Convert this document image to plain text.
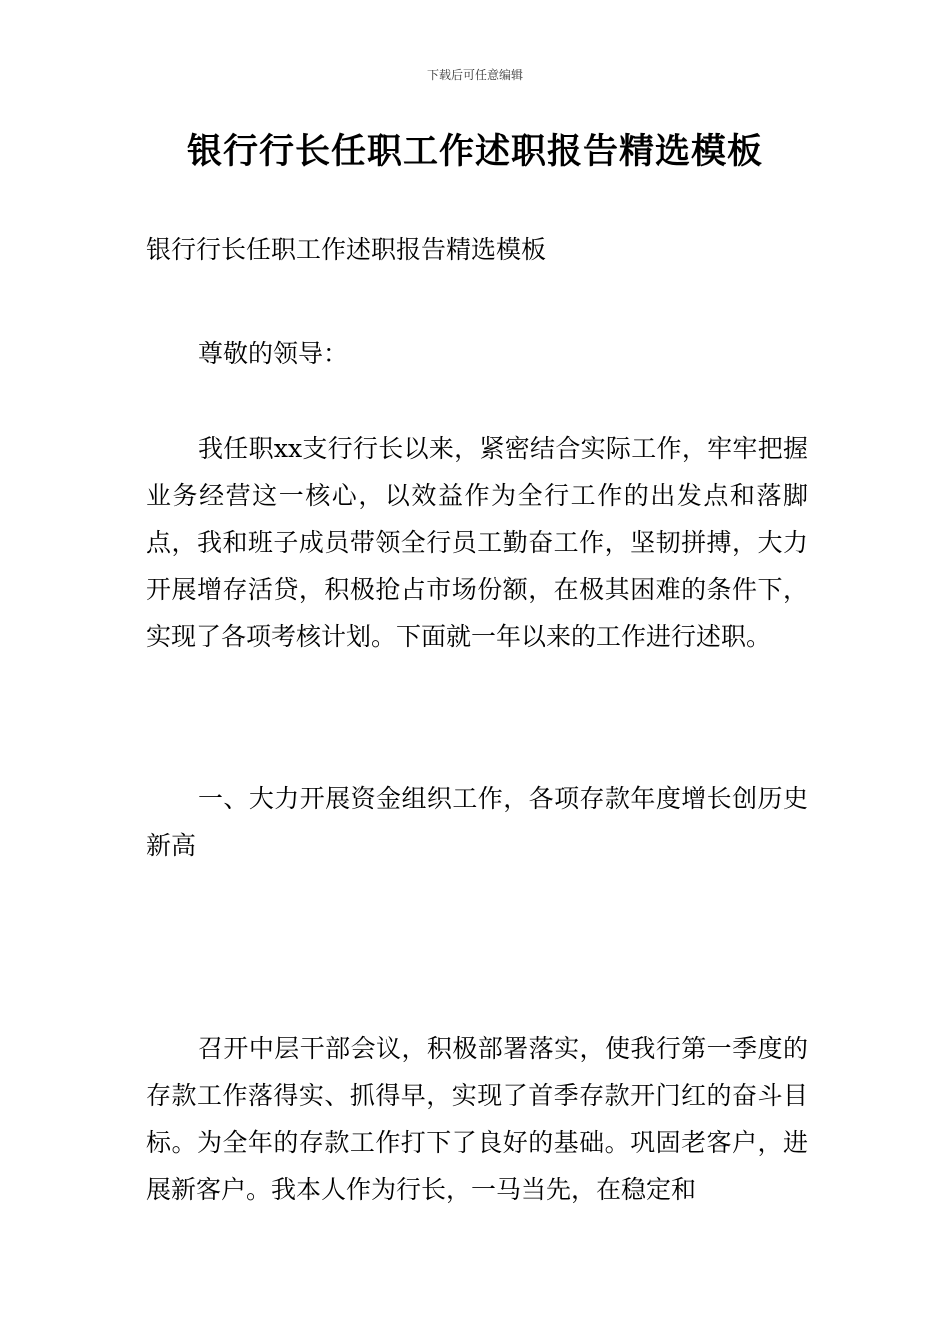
下载后可任意编辑
银行行长任职工作述职报告精选模板

银行行长任职工作述职报告精选模板

尊敬的领导：

我任职xx支行行长以来，紧密结合实际工作，牢牢把握业务经营这一核心，以效益作为全行工作的出发点和落脚点，我和班子成员带领全行员工勤奋工作，坚韧拼搏，大力开展增存活贷，积极抢占市场份额，在极其困难的条件下，实现了各项考核计划。下面就一年以来的工作进行述职。

一、大力开展资金组织工作，各项存款年度增长创历史新高

召开中层干部会议，积极部署落实，使我行第一季度的存款工作落得实、抓得早，实现了首季存款开门红的奋斗目标。为全年的存款工作打下了良好的基础。巩固老客户，进展新客户。我本人作为行长，一马当先，在稳定和
